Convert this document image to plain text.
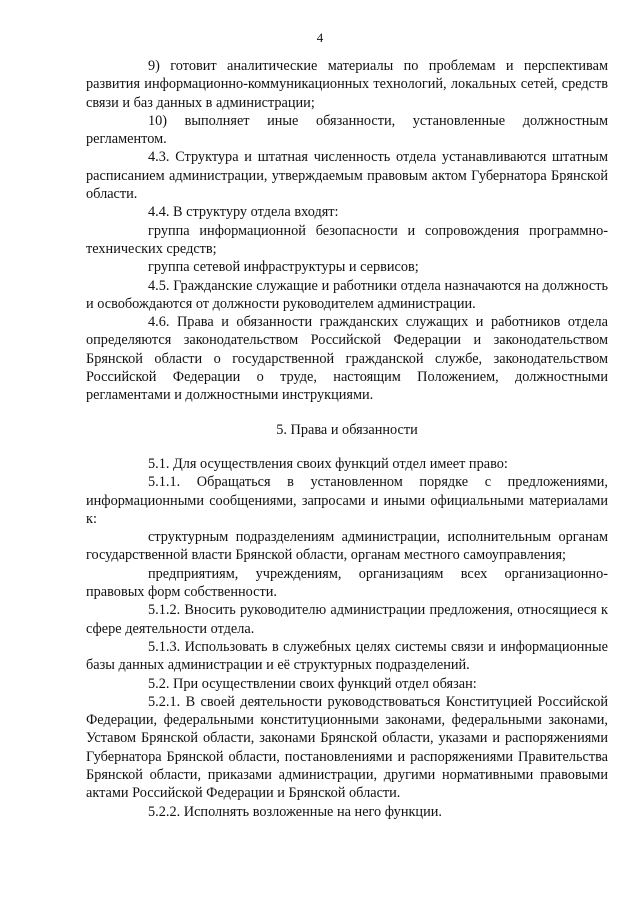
4

9) готовит аналитические материалы по проблемам и перспективам развития информационно-коммуникационных технологий, локальных сетей, средств связи и баз данных в администрации;

10) выполняет иные обязанности, установленные должностным регламентом.

4.3. Структура и штатная численность отдела устанавливаются штатным расписанием администрации, утверждаемым правовым актом Губернатора Брянской области.

4.4. В структуру отдела входят:

группа информационной безопасности и сопровождения программно-технических средств;

группа сетевой инфраструктуры и сервисов;

4.5. Гражданские служащие и работники отдела назначаются на должность и освобождаются от должности руководителем администрации.

4.6. Права и обязанности гражданских служащих и работников отдела определяются законодательством Российской Федерации и законодательством Брянской области о государственной гражданской службе, законодательством Российской Федерации о труде, настоящим Положением, должностными регламентами и должностными инструкциями.

5. Права и обязанности

5.1. Для осуществления своих функций отдел имеет право:

5.1.1. Обращаться в установленном порядке с предложениями, информационными сообщениями, запросами и иными официальными материалами к:

структурным подразделениям администрации, исполнительным органам государственной власти Брянской области, органам местного самоуправления;

предприятиям, учреждениям, организациям всех организационно-правовых форм собственности.

5.1.2. Вносить руководителю администрации предложения, относящиеся к сфере деятельности отдела.

5.1.3. Использовать в служебных целях системы связи и информационные базы данных администрации и её структурных подразделений.

5.2. При осуществлении своих функций отдел обязан:

5.2.1. В своей деятельности руководствоваться Конституцией Российской Федерации, федеральными конституционными законами, федеральными законами, Уставом Брянской области, законами Брянской области, указами и распоряжениями Губернатора Брянской области, постановлениями и распоряжениями Правительства Брянской области, приказами администрации, другими нормативными правовыми актами Российской Федерации и Брянской области.

5.2.2. Исполнять возложенные на него функции.
